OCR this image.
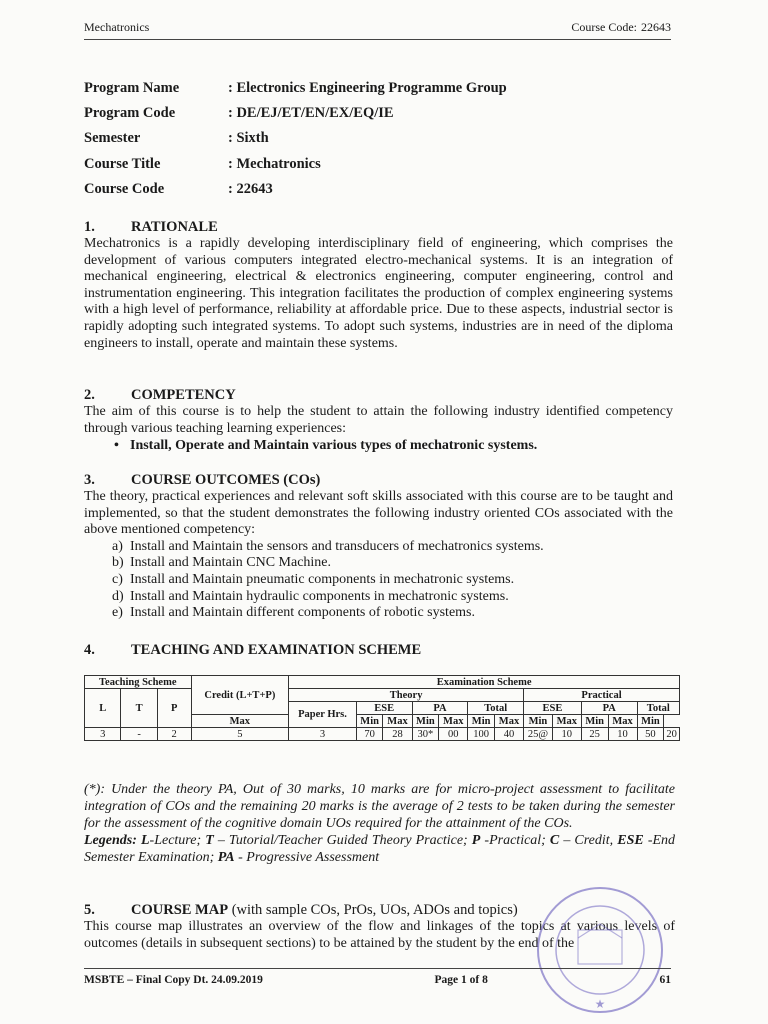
Mechatronics	Course Code: 22643
Program Name	: Electronics Engineering Programme Group
Program Code	: DE/EJ/ET/EN/EX/EQ/IE
Semester	: Sixth
Course Title	: Mechatronics
Course Code	: 22643
1.	RATIONALE
Mechatronics is a rapidly developing interdisciplinary field of engineering, which comprises the development of various computers integrated electro-mechanical systems. It is an integration of mechanical engineering, electrical & electronics engineering, computer engineering, control and instrumentation engineering. This integration facilitates the production of complex engineering systems with a high level of performance, reliability at affordable price. Due to these aspects, industrial sector is rapidly adopting such integrated systems. To adopt such systems, industries are in need of the diploma engineers to install, operate and maintain these systems.
2.	COMPETENCY
The aim of this course is to help the student to attain the following industry identified competency through various teaching learning experiences:
• Install, Operate and Maintain various types of mechatronic systems.
3.	COURSE OUTCOMES (COs)
The theory, practical experiences and relevant soft skills associated with this course are to be taught and implemented, so that the student demonstrates the following industry oriented COs associated with the above mentioned competency:
a) Install and Maintain the sensors and transducers of mechatronics systems.
b) Install and Maintain CNC Machine.
c) Install and Maintain pneumatic components in mechatronic systems.
d) Install and Maintain hydraulic components in mechatronic systems.
e) Install and Maintain different components of robotic systems.
4.	TEACHING AND EXAMINATION SCHEME
Teaching Scheme			Credit (L+T+P)	Examination Scheme												

L	T	P		Theory							Practical					
				Paper Hrs.	ESE		PA		Total		ESE		PA		Total	
			Max		Min	Max	Min	Max	Min	Max	Min	Max	Min	Max	Min	
3	-	2	5	3	70	28	30*	00	100	40	25@	10	25	10	50	20
(*): Under the theory PA, Out of 30 marks, 10 marks are for micro-project assessment to facilitate integration of COs and the remaining 20 marks is the average of 2 tests to be taken during the semester for the assessment of the cognitive domain UOs required for the attainment of the COs.
Legends: L-Lecture; T – Tutorial/Teacher Guided Theory Practice; P -Practical; C – Credit, ESE -End Semester Examination; PA - Progressive Assessment
5.	COURSE MAP
(with sample COs, PrOs, UOs, ADOs and topics)
This course map illustrates an overview of the flow and linkages of the topics at various levels of outcomes (details in subsequent sections) to be attained by the student by the end of the
★
MSBTE – Final Copy Dt. 24.09.2019	Page 1 of 8	61
